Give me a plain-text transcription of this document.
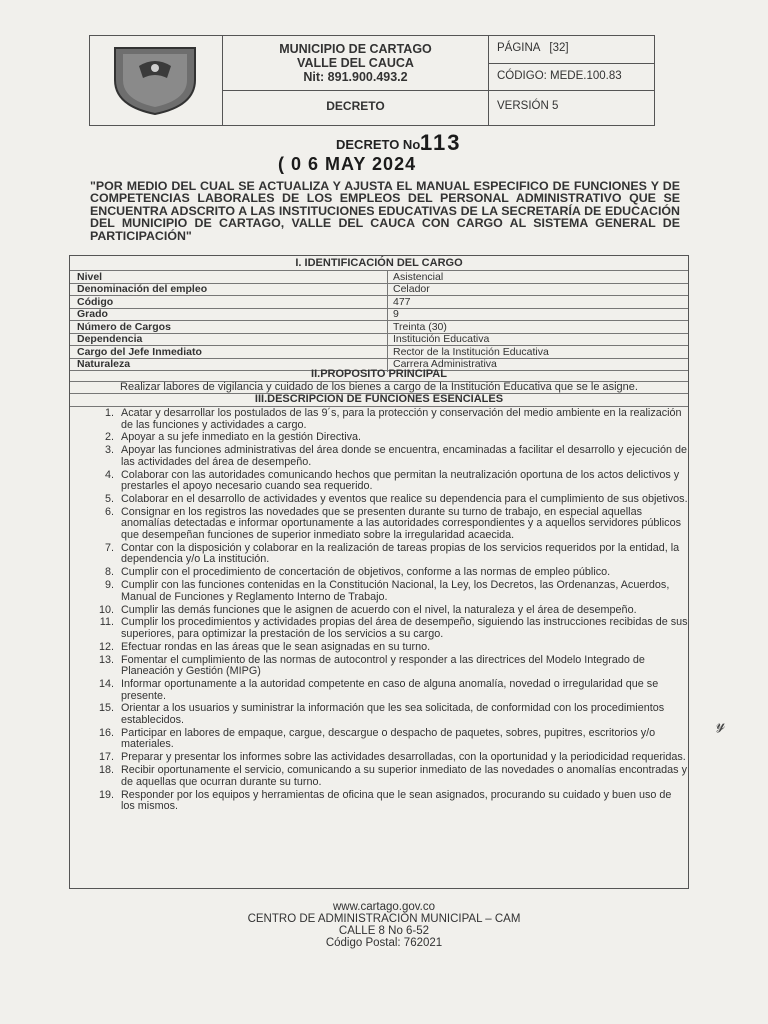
MUNICIPIO DE CARTAGO
VALLE DEL CAUCA
Nit: 891.900.493.2
DECRETO
PÁGINA [32]
CÓDIGO: MEDE.100.83
VERSIÓN 5
DECRETO No.
113
( 0 6 MAY 2024
"POR MEDIO DEL CUAL SE ACTUALIZA Y AJUSTA EL MANUAL ESPECIFICO DE FUNCIONES Y DE COMPETENCIAS LABORALES DE LOS EMPLEOS DEL PERSONAL ADMINISTRATIVO QUE SE ENCUENTRA ADSCRITO A LAS INSTITUCIONES EDUCATIVAS DE LA SECRETARÍA DE EDUCACIÓN DEL MUNICIPIO DE CARTAGO, VALLE DEL CAUCA CON CARGO AL SISTEMA GENERAL DE PARTICIPACIÓN"
I. IDENTIFICACIÓN DEL CARGO
Nivel	Asistencial
Denominación del empleo	Celador
Código	477
Grado	9
Número de Cargos	Treinta (30)
Dependencia	Institución Educativa
Cargo del Jefe Inmediato	Rector de la Institución Educativa
Naturaleza	Carrera Administrativa
II.PROPOSITO PRINCIPAL
Realizar labores de vigilancia y cuidado de los bienes a cargo de la Institución Educativa que se le asigne.
III.DESCRIPCION DE FUNCIONES ESENCIALES
1. Acatar y desarrollar los postulados de las 9´s, para la protección y conservación del medio ambiente en la realización de las funciones y actividades a cargo.
2. Apoyar a su jefe inmediato en la gestión Directiva.
3. Apoyar las funciones administrativas del área donde se encuentra, encaminadas a facilitar el desarrollo y ejecución de las actividades del área de desempeño.
4. Colaborar con las autoridades comunicando hechos que permitan la neutralización oportuna de los actos delictivos y prestarles el apoyo necesario cuando sea requerido.
5. Colaborar en el desarrollo de actividades y eventos que realice su dependencia para el cumplimiento de sus objetivos.
6. Consignar en los registros las novedades que se presenten durante su turno de trabajo, en especial aquellas anomalías detectadas e informar oportunamente a las autoridades correspondientes y a aquellos servidores públicos que desempeñan funciones de superior inmediato sobre la irregularidad acaecida.
7. Contar con la disposición y colaborar en la realización de tareas propias de los servicios requeridos por la entidad, la dependencia y/o La institución.
8. Cumplir con el procedimiento de concertación de objetivos, conforme a las normas de empleo público.
9. Cumplir con las funciones contenidas en la Constitución Nacional, la Ley, los Decretos, las Ordenanzas, Acuerdos, Manual de Funciones y Reglamento Interno de Trabajo.
10. Cumplir las demás funciones que le asignen de acuerdo con el nivel, la naturaleza y el área de desempeño.
11. Cumplir los procedimientos y actividades propias del área de desempeño, siguiendo las instrucciones recibidas de sus superiores, para optimizar la prestación de los servicios a su cargo.
12. Efectuar rondas en las áreas que le sean asignadas en su turno.
13. Fomentar el cumplimiento de las normas de autocontrol y responder a las directrices del Modelo Integrado de Planeación y Gestión (MIPG)
14. Informar oportunamente a la autoridad competente en caso de alguna anomalía, novedad o irregularidad que se presente.
15. Orientar a los usuarios y suministrar la información que les sea solicitada, de conformidad con los procedimientos establecidos.
16. Participar en labores de empaque, cargue, descargue o despacho de paquetes, sobres, pupitres, escritorios y/o materiales.
17. Preparar y presentar los informes sobre las actividades desarrolladas, con la oportunidad y la periodicidad requeridas.
18. Recibir oportunamente el servicio, comunicando a su superior inmediato de las novedades o anomalías encontradas y de aquellas que ocurran durante su turno.
19. Responder por los equipos y herramientas de oficina que le sean asignados, procurando su cuidado y buen uso de los mismos.
𝓎
www.cartago.gov.co
CENTRO DE ADMINISTRACIÓN MUNICIPAL – CAM
CALLE 8 No 6-52
Código Postal: 762021
